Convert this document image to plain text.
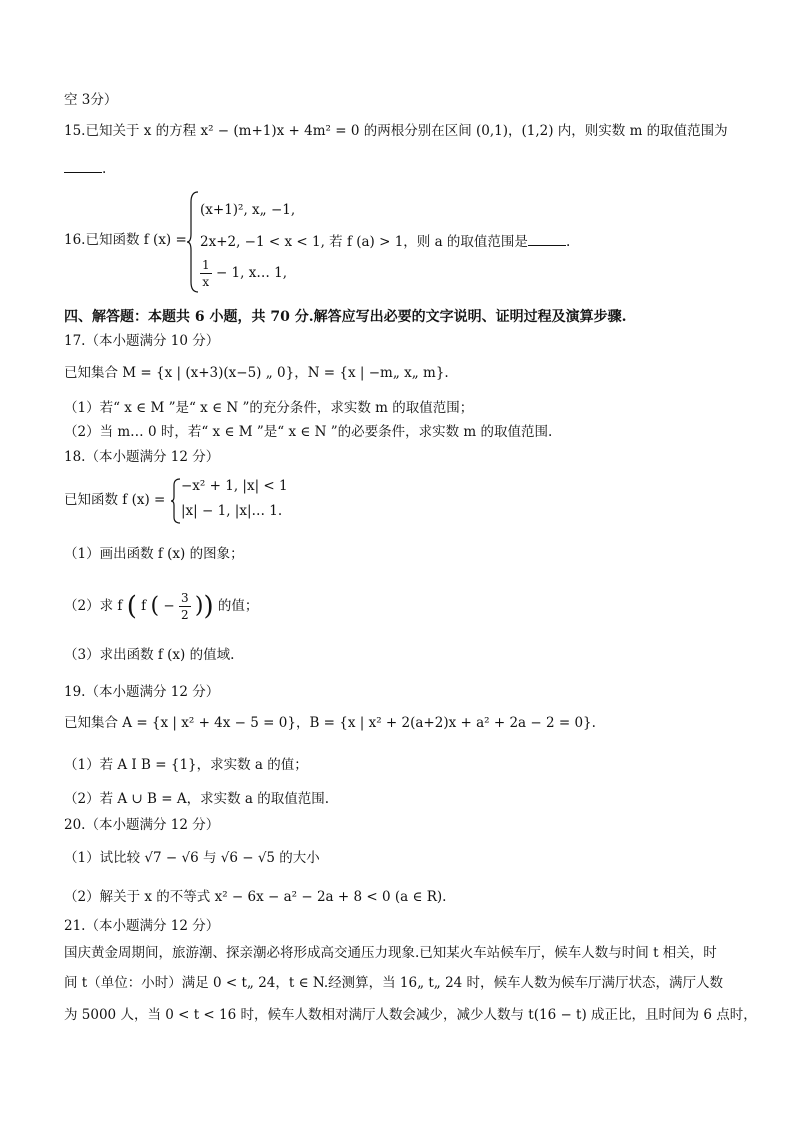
空 3分）
15.已知关于 x 的方程 x² − (m+1)x + 4m² = 0 的两根分别在区间 (0,1)，(1,2) 内，则实数 m 的取值范围为
.
16.已知函数 f (x) =
(x+1)², x„ −1,
2x+2, −1 < x < 1, 若 f (a) > 1，则 a 的取值范围是	.
$\frac{1}{x} - 1$, x… 1,
四、解答题：本题共 6 小题，共 70 分.解答应写出必要的文字说明、证明过程及演算步骤.
17.（本小题满分 10 分）
已知集合 M = {x | (x+3)(x−5) „ 0}，N = {x | −m„ x„ m}.
（1）若“ x ∈ M ”是“ x ∈ N ”的充分条件，求实数 m 的取值范围；
（2）当 m… 0 时，若“ x ∈ M ”是“ x ∈ N ”的必要条件，求实数 m 的取值范围.
18.（本小题满分 12 分）
已知函数 f (x) =
−x² + 1, |x| < 1
|x| − 1, |x|… 1.
（1）画出函数 f (x) 的图象；
（2）求 f ( f ( − $\frac{3}{2}$ )) 的值；
（3）求出函数 f (x) 的值域.
19.（本小题满分 12 分）
已知集合 A = {x | x² + 4x − 5 = 0}，B = {x | x² + 2(a+2)x + a² + 2a − 2 = 0}.
（1）若 A I B = {1}，求实数 a 的值；
（2）若 A ∪ B = A，求实数 a 的取值范围.
20.（本小题满分 12 分）
（1）试比较 √7 − √6 与 √6 − √5 的大小
（2）解关于 x 的不等式 x² − 6x − a² − 2a + 8 < 0 (a ∈ R).
21.（本小题满分 12 分）
国庆黄金周期间，旅游潮、探亲潮必将形成高交通压力现象.已知某火车站候车厅，候车人数与时间 t 相关，时
间 t（单位：小时）满足 0 < t„ 24，t ∈ N.经测算，当 16„ t„ 24 时，候车人数为候车厅满厅状态，满厅人数
为 5000 人，当 0 < t < 16 时，候车人数相对满厅人数会减少，减少人数与 t(16 − t) 成正比，且时间为 6 点时，
